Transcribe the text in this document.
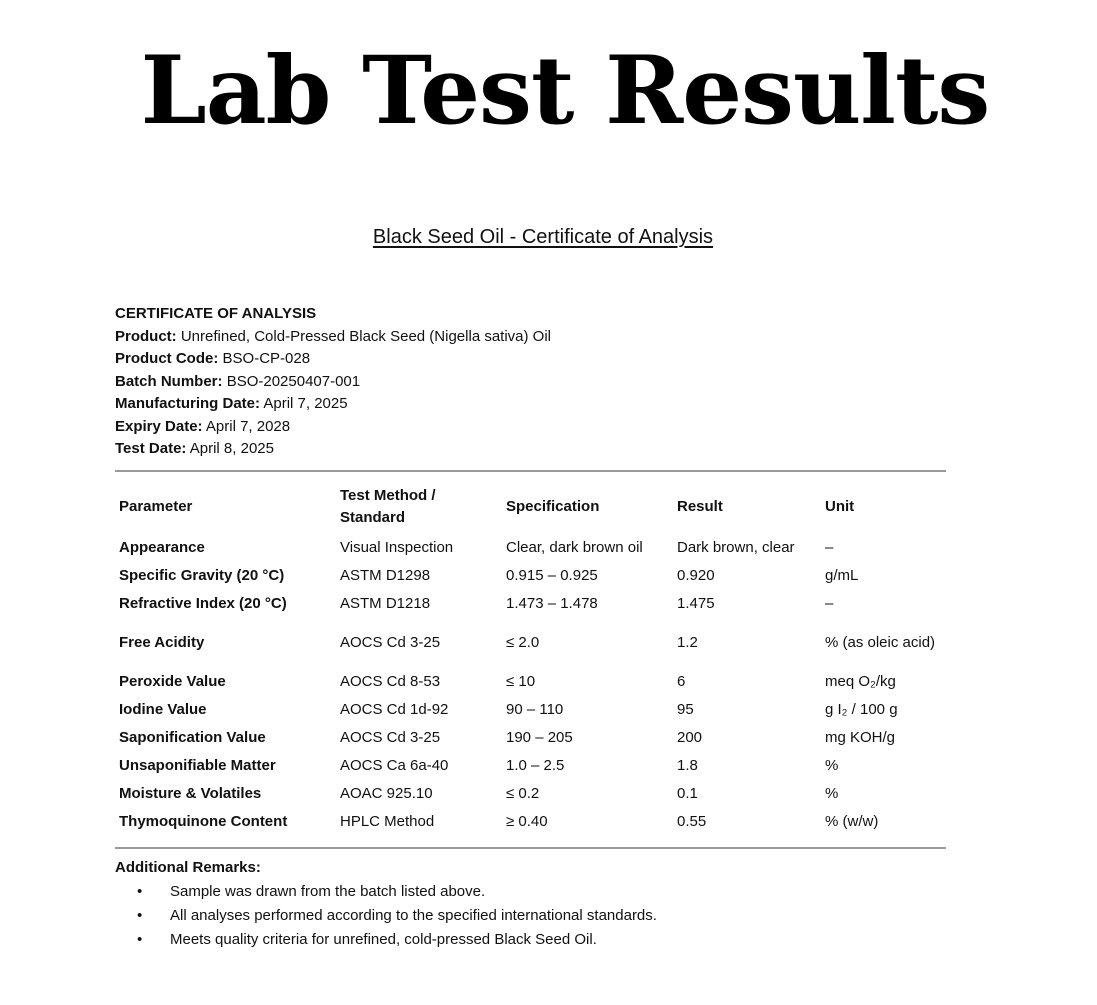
Lab Test Results
Black Seed Oil - Certificate of Analysis
CERTIFICATE OF ANALYSIS
Product: Unrefined, Cold-Pressed Black Seed (Nigella sativa) Oil
Product Code: BSO-CP-028
Batch Number: BSO-20250407-001
Manufacturing Date: April 7, 2025
Expiry Date: April 7, 2028
Test Date: April 8, 2025
Parameter	Test Method / Standard	Specification	Result	Unit
Appearance	Visual Inspection	Clear, dark brown oil	Dark brown, clear	–
Specific Gravity (20 °C)	ASTM D1298	0.915 – 0.925	0.920	g/mL
Refractive Index (20 °C)	ASTM D1218	1.473 – 1.478	1.475	–
Free Acidity	AOCS Cd 3-25	≤ 2.0	1.2	% (as oleic acid)
Peroxide Value	AOCS Cd 8-53	≤ 10	6	meq O₂/kg
Iodine Value	AOCS Cd 1d-92	90 – 110	95	g I₂ / 100 g
Saponification Value	AOCS Cd 3-25	190 – 205	200	mg KOH/g
Unsaponifiable Matter	AOCS Ca 6a-40	1.0 – 2.5	1.8	%
Moisture & Volatiles	AOAC 925.10	≤ 0.2	0.1	%
Thymoquinone Content	HPLC Method	≥ 0.40	0.55	% (w/w)
Additional Remarks:
• Sample was drawn from the batch listed above.
• All analyses performed according to the specified international standards.
• Meets quality criteria for unrefined, cold-pressed Black Seed Oil.
